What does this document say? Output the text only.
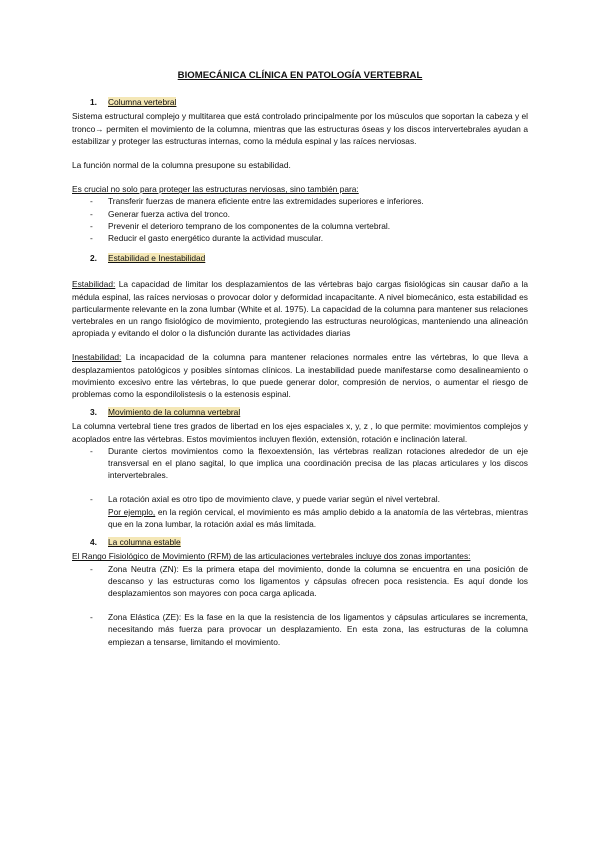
BIOMECÁNICA CLÍNICA EN PATOLOGÍA VERTEBRAL
1. Columna vertebral

Sistema estructural complejo y multitarea que está controlado principalmente por los músculos que soportan la cabeza y el tronco→ permiten el movimiento de la columna, mientras que las estructuras óseas y los discos intervertebrales ayudan a estabilizar y proteger las estructuras internas, como la médula espinal y las raíces nerviosas.

La función normal de la columna presupone su estabilidad.

Es crucial no solo para proteger las estructuras nerviosas, sino también para:

- Transferir fuerzas de manera eficiente entre las extremidades superiores e inferiores.
- Generar fuerza activa del tronco.
- Prevenir el deterioro temprano de los componentes de la columna vertebral.
- Reducir el gasto energético durante la actividad muscular.
2. Estabilidad e Inestabilidad

Estabilidad: La capacidad de limitar los desplazamientos de las vértebras bajo cargas fisiológicas sin causar daño a la médula espinal, las raíces nerviosas o provocar dolor y deformidad incapacitante. A nivel biomecánico, esta estabilidad es particularmente relevante en la zona lumbar (White et al. 1975). La capacidad de la columna para mantener sus relaciones vertebrales en un rango fisiológico de movimiento, protegiendo las estructuras neurológicas, manteniendo una alineación apropiada y evitando el dolor o la disfunción durante las actividades diarias

Inestabilidad: La incapacidad de la columna para mantener relaciones normales entre las vértebras, lo que lleva a desplazamientos patológicos y posibles síntomas clínicos. La inestabilidad puede manifestarse como desalineamiento o movimiento excesivo entre las vértebras, lo que puede generar dolor, compresión de nervios, o aumentar el riesgo de problemas como la espondilolistesis o la estenosis espinal.

3. Movimiento de la columna vertebral

La columna vertebral tiene tres grados de libertad en los ejes espaciales x, y, z , lo que permite: movimientos complejos y acoplados entre las vértebras. Estos movimientos incluyen flexión, extensión, rotación e inclinación lateral.

- Durante ciertos movimientos como la flexoextensión, las vértebras realizan rotaciones alrededor de un eje transversal en el plano sagital, lo que implica una coordinación precisa de las placas articulares y los discos intervertebrales.
- La rotación axial es otro tipo de movimiento clave, y puede variar según el nivel vertebral.

Por ejemplo, en la región cervical, el movimiento es más amplio debido a la anatomía de las vértebras, mientras que en la zona lumbar, la rotación axial es más limitada.

4. La columna estable

El Rango Fisiológico de Movimiento (RFM) de las articulaciones vertebrales incluye dos zonas importantes:

- Zona Neutra (ZN): Es la primera etapa del movimiento, donde la columna se encuentra en una posición de descanso y las estructuras como los ligamentos y cápsulas ofrecen poca resistencia. Es aquí donde los desplazamientos son mayores con poca carga aplicada.
- Zona Elástica (ZE): Es la fase en la que la resistencia de los ligamentos y cápsulas articulares se incrementa, necesitando más fuerza para provocar un desplazamiento. En esta zona, las estructuras de la columna empiezan a tensarse, limitando el movimiento.
